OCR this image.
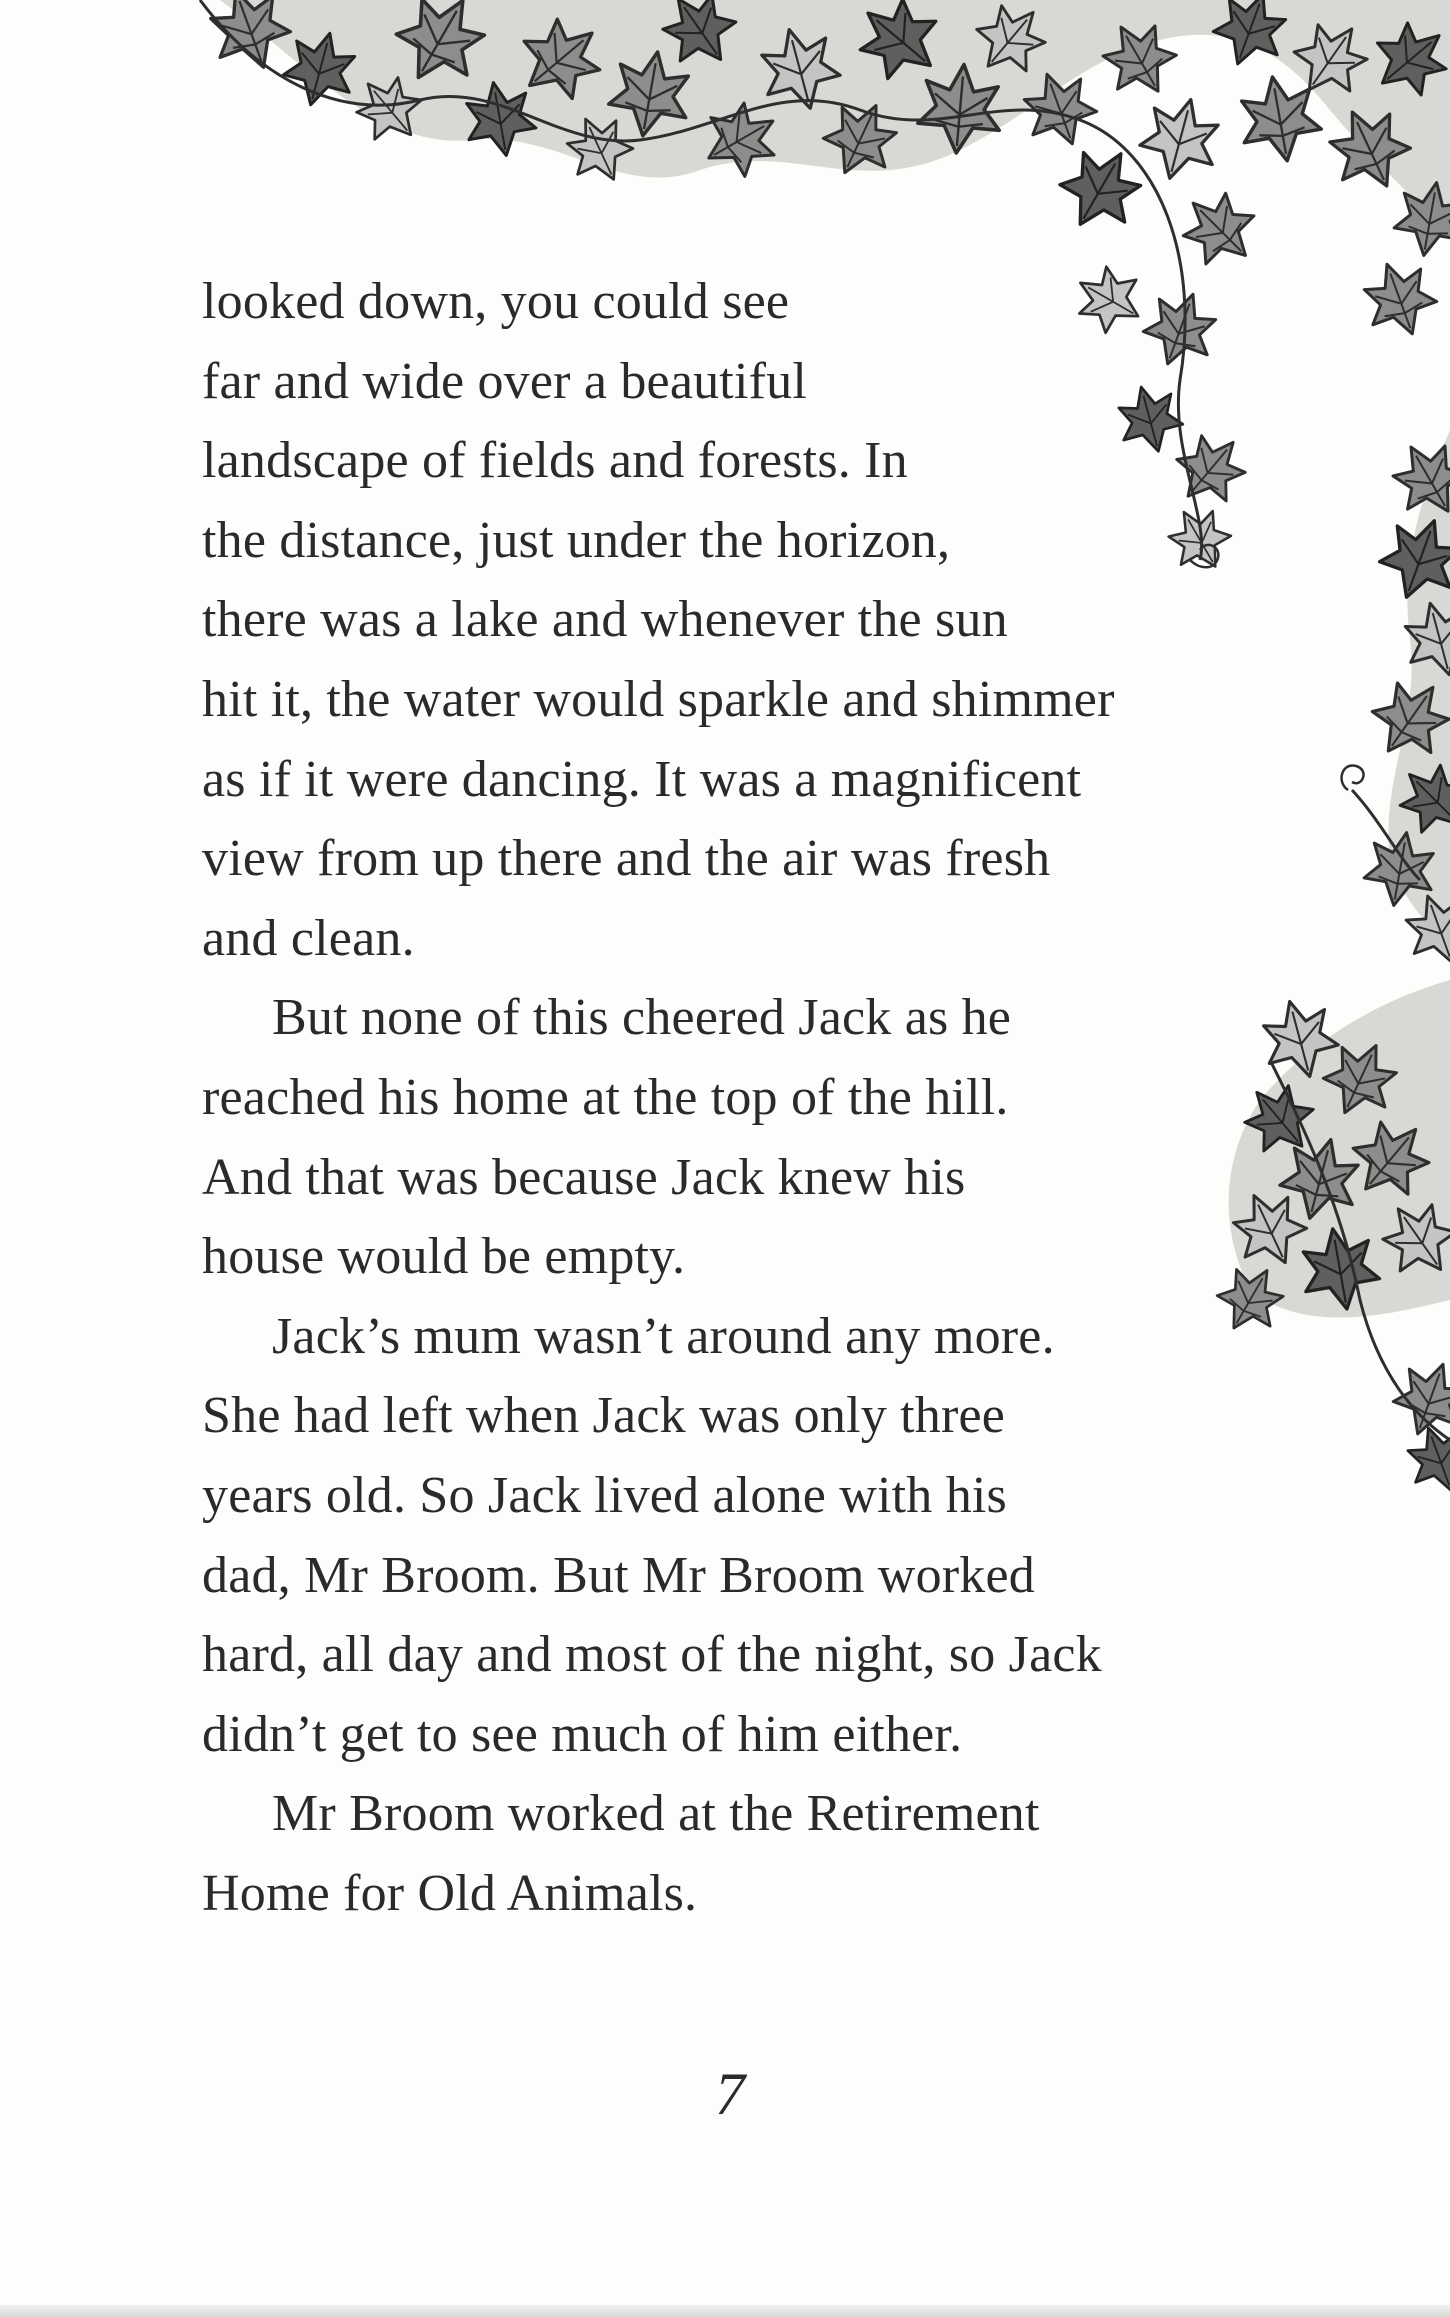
looked down, you could see
far and wide over a beautiful
landscape of fields and forests. In
the distance, just under the horizon,
there was a lake and whenever the sun
hit it, the water would sparkle and shimmer
as if it were dancing. It was a magnificent
view from up there and the air was fresh
and clean.
But none of this cheered Jack as he
reached his home at the top of the hill.
And that was because Jack knew his
house would be empty.
Jack’s mum wasn’t around any more.
She had left when Jack was only three
years old. So Jack lived alone with his
dad, Mr Broom. But Mr Broom worked
hard, all day and most of the night, so Jack
didn’t get to see much of him either.
Mr Broom worked at the Retirement
Home for Old Animals.
7
